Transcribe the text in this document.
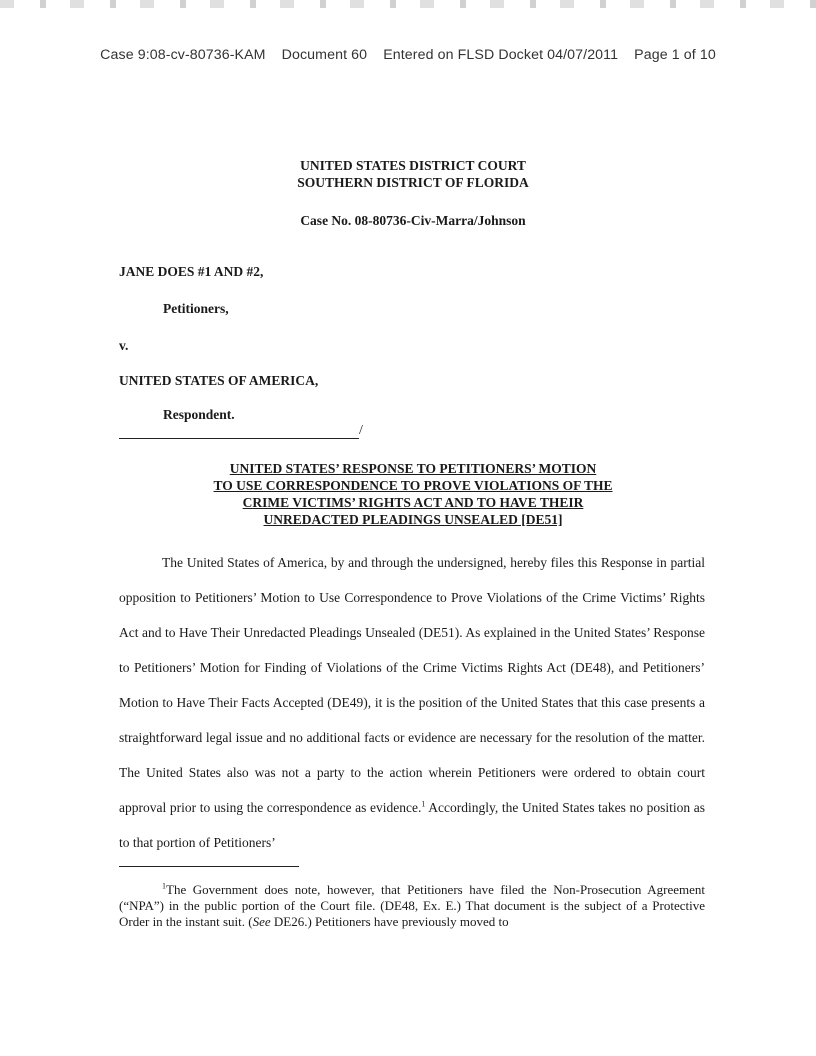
Case 9:08-cv-80736-KAM Document 60 Entered on FLSD Docket 04/07/2011 Page 1 of 10
UNITED STATES DISTRICT COURT
SOUTHERN DISTRICT OF FLORIDA
Case No. 08-80736-Civ-Marra/Johnson
JANE DOES #1 AND #2,
Petitioners,
v.
UNITED STATES OF AMERICA,
Respondent.
/
UNITED STATES’ RESPONSE TO PETITIONERS’ MOTION
TO USE CORRESPONDENCE TO PROVE VIOLATIONS OF THE
CRIME VICTIMS’ RIGHTS ACT AND TO HAVE THEIR
UNREDACTED PLEADINGS UNSEALED [DE51]

The United States of America, by and through the undersigned, hereby files this Response in partial opposition to Petitioners’ Motion to Use Correspondence to Prove Violations of the Crime Victims’ Rights Act and to Have Their Unredacted Pleadings Unsealed (DE51). As explained in the United States’ Response to Petitioners’ Motion for Finding of Violations of the Crime Victims Rights Act (DE48), and Petitioners’ Motion to Have Their Facts Accepted (DE49), it is the position of the United States that this case presents a straightforward legal issue and no additional facts or evidence are necessary for the resolution of the matter. The United States also was not a party to the action wherein Petitioners were ordered to obtain court approval prior to using the correspondence as evidence.$^1$ Accordingly, the United States takes no position as to that portion of Petitioners’

$^1$The Government does note, however, that Petitioners have filed the Non-Prosecution Agreement (“NPA”) in the public portion of the Court file. (DE48, Ex. E.) That document is the subject of a Protective Order in the instant suit. (See DE26.) Petitioners have previously moved to
